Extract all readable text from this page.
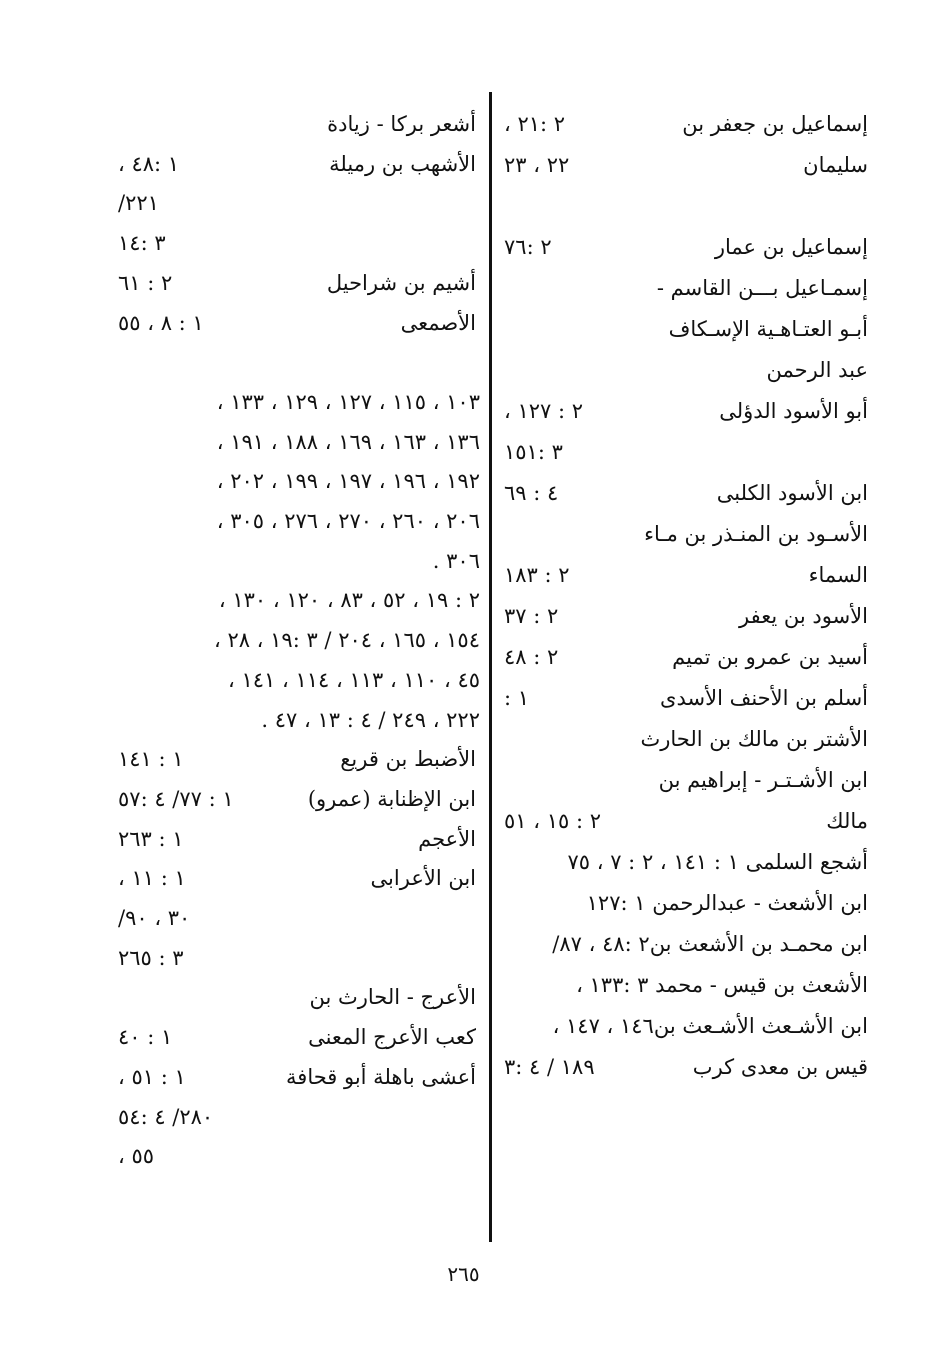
إسماعيل بن جعفر بن
٢ :٢١ ،
سليمان
٢٢ ، ٢٣
إسماعيل بن عمار
٢ :٧٦
إسمـاعيل بـــن القاسم -
أبـو العتـاهـية الإسـكاف
عبد الرحمن
أبو الأسود الدؤلى
٢ : ١٢٧ ،
٣ :١٥١
ابن الأسود الكلبى
٤ : ٦٩
الأسـود بن المنـذر بن مـاء
السماء
٢ : ١٨٣
الأسود بن يعفر
٢ : ٣٧
أسيد بن عمرو بن تميم
٢ : ٤٨
أسلم بن الأحنف الأسدى
١ :
الأشتر بن مالك بن الحارث
ابن الأشـتـر - إبراهيم بن
مالك
٢ : ١٥ ، ٥١
أشجع السلمى ١ : ١٤١ ، ٢ : ٧ ، ٧٥
ابن الأشعث - عبدالرحمن ١ :١٢٧
ابن محمـد بن الأشعث بن٢ :٤٨ ، ٨٧/
الأشعث بن قيس - محمد ٣ :١٣٣ ،
ابن الأشـعث الأشـعث بن١٤٦ ، ١٤٧ ،
قيس بن معدى كرب
١٨٩ / ٤ :٣
أشعر بركا - زيادة
الأشهب بن رميلة
١ :٤٨ ،
٢٢١/
٣ :١٤
أشيم بن شراحيل
٢ : ٦١
الأصمعى
١ : ٨ ، ٥٥
١٠٣ ، ١١٥ ، ١٢٧ ، ١٢٩ ، ١٣٣ ،
١٣٦ ، ١٦٣ ، ١٦٩ ، ١٨٨ ، ١٩١ ،
١٩٢ ، ١٩٦ ، ١٩٧ ، ١٩٩ ، ٢٠٢ ،
٢٠٦ ، ٢٦٠ ، ٢٧٠ ، ٢٧٦ ، ٣٠٥ ،
٣٠٦ .
٢ : ١٩ ، ٥٢ ، ٨٣ ، ١٢٠ ، ١٣٠ ،
١٥٤ ، ١٦٥ ، ٢٠٤ / ٣ :١٩ ، ٢٨ ،
٤٥ ، ١١٠ ، ١١٣ ، ١١٤ ، ١٤١ ،
٢٢٢ ، ٢٤٩ / ٤ : ١٣ ، ٤٧ .
الأضبط بن قريع
١ : ١٤١
ابن الإظنابة (عمرو)
١ : ٧٧/ ٤ :٥٧
الأعجم
١ : ٢٦٣
ابن الأعرابى
١ : ١١ ،
٣٠ ، ٩٠/
٣ : ٢٦٥
الأعرج - الحارث بن
كعب الأعرج المعنى
١ : ٤٠
أعشى باهلة أبو قحافة
١ : ٥١ ،
٢٨٠/ ٤ :٥٤
٥٥ ،
٢٦٥
